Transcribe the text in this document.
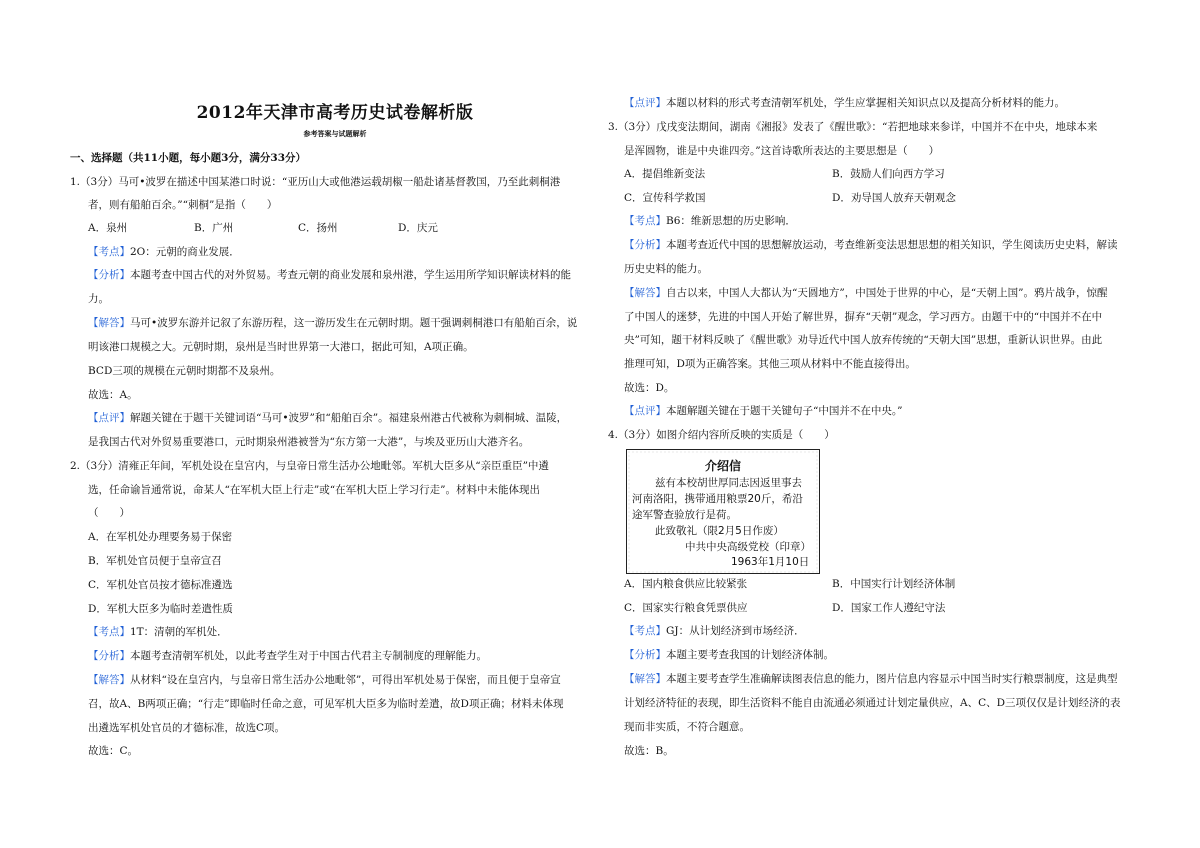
2012年天津市高考历史试卷解析版
参考答案与试题解析
一、选择题（共11小题，每小题3分，满分33分）
1.（3分）马可•波罗在描述中国某港口时说：“亚历山大或他港运载胡椒一船赴诸基督教国，乃至此刺桐港
者，则有船舶百余。”“刺桐”是指（　　）
A．泉州	B．广州	C．扬州	D．庆元
【考点】2O：元朝的商业发展．
【分析】本题考查中国古代的对外贸易。考查元朝的商业发展和泉州港，学生运用所学知识解读材料的能
力。
【解答】马可•波罗东游并记叙了东游历程，这一游历发生在元朝时期。题干强调刺桐港口有船舶百余，说
明该港口规模之大。元朝时期，泉州是当时世界第一大港口，据此可知，A项正确。
BCD三项的规模在元朝时期都不及泉州。
故选：A。
【点评】解题关键在于题干关键词语“马可•波罗”和“船舶百余”。福建泉州港古代被称为刺桐城、温陵，
是我国古代对外贸易重要港口，元时期泉州港被誉为“东方第一大港”，与埃及亚历山大港齐名。
2.（3分）清雍正年间，军机处设在皇宫内，与皇帝日常生活办公地毗邻。军机大臣多从“亲臣重臣”中遴
选，任命谕旨通常说，命某人“在军机大臣上行走”或“在军机大臣上学习行走”。材料中未能体现出
（　　）
A．在军机处办理要务易于保密
B．军机处官员便于皇帝宣召
C．军机处官员按才德标准遴选
D．军机大臣多为临时差遣性质
【考点】1T：清朝的军机处．
【分析】本题考查清朝军机处，以此考查学生对于中国古代君主专制制度的理解能力。
【解答】从材料“设在皇宫内，与皇帝日常生活办公地毗邻”，可得出军机处易于保密，而且便于皇帝宣
召，故A、B两项正确；“行走”即临时任命之意，可见军机大臣多为临时差遣，故D项正确；材料未体现
出遴选军机处官员的才德标准，故选C项。
故选：C。
【点评】本题以材料的形式考查清朝军机处，学生应掌握相关知识点以及提高分析材料的能力。
3.（3分）戊戌变法期间，湖南《湘报》发表了《醒世歌》：“若把地球来参详，中国并不在中央，地球本来
是浑圆物，谁是中央谁四旁。”这首诗歌所表达的主要思想是（　　）
A．提倡维新变法	B．鼓励人们向西方学习
C．宣传科学救国	D．劝导国人放弃天朝观念
【考点】B6：维新思想的历史影响．
【分析】本题考查近代中国的思想解放运动，考查维新变法思想思想的相关知识，学生阅读历史史料，解读
历史史料的能力。
【解答】自古以来，中国人大都认为“天圆地方”，中国处于世界的中心，是“天朝上国”。鸦片战争，惊醒
了中国人的迷梦，先进的中国人开始了解世界，摒弃“天朝”观念，学习西方。由题干中的“中国并不在中
央”可知，题干材料反映了《醒世歌》劝导近代中国人放弃传统的“天朝大国”思想，重新认识世界。由此
推理可知，D项为正确答案。其他三项从材料中不能直接得出。
故选：D。
【点评】本题解题关键在于题干关键句子“中国并不在中央。”
4.（3分）如图介绍内容所反映的实质是（　　）
介绍信
兹有本校胡世厚同志因返里事去
河南洛阳，携带通用粮票20斤，希沿
途军警查验放行是荷。
此致敬礼（限2月5日作废）
中共中央高级党校（印章）
1963年1月10日
A．国内粮食供应比较紧张	B．中国实行计划经济体制
C．国家实行粮食凭票供应	D．国家工作人遵纪守法
【考点】GJ：从计划经济到市场经济．
【分析】本题主要考查我国的计划经济体制。
【解答】本题主要考查学生准确解读图表信息的能力，图片信息内容显示中国当时实行粮票制度，这是典型
计划经济特征的表现，即生活资料不能自由流通必须通过计划定量供应，A、C、D三项仅仅是计划经济的表
现而非实质，不符合题意。
故选：B。
